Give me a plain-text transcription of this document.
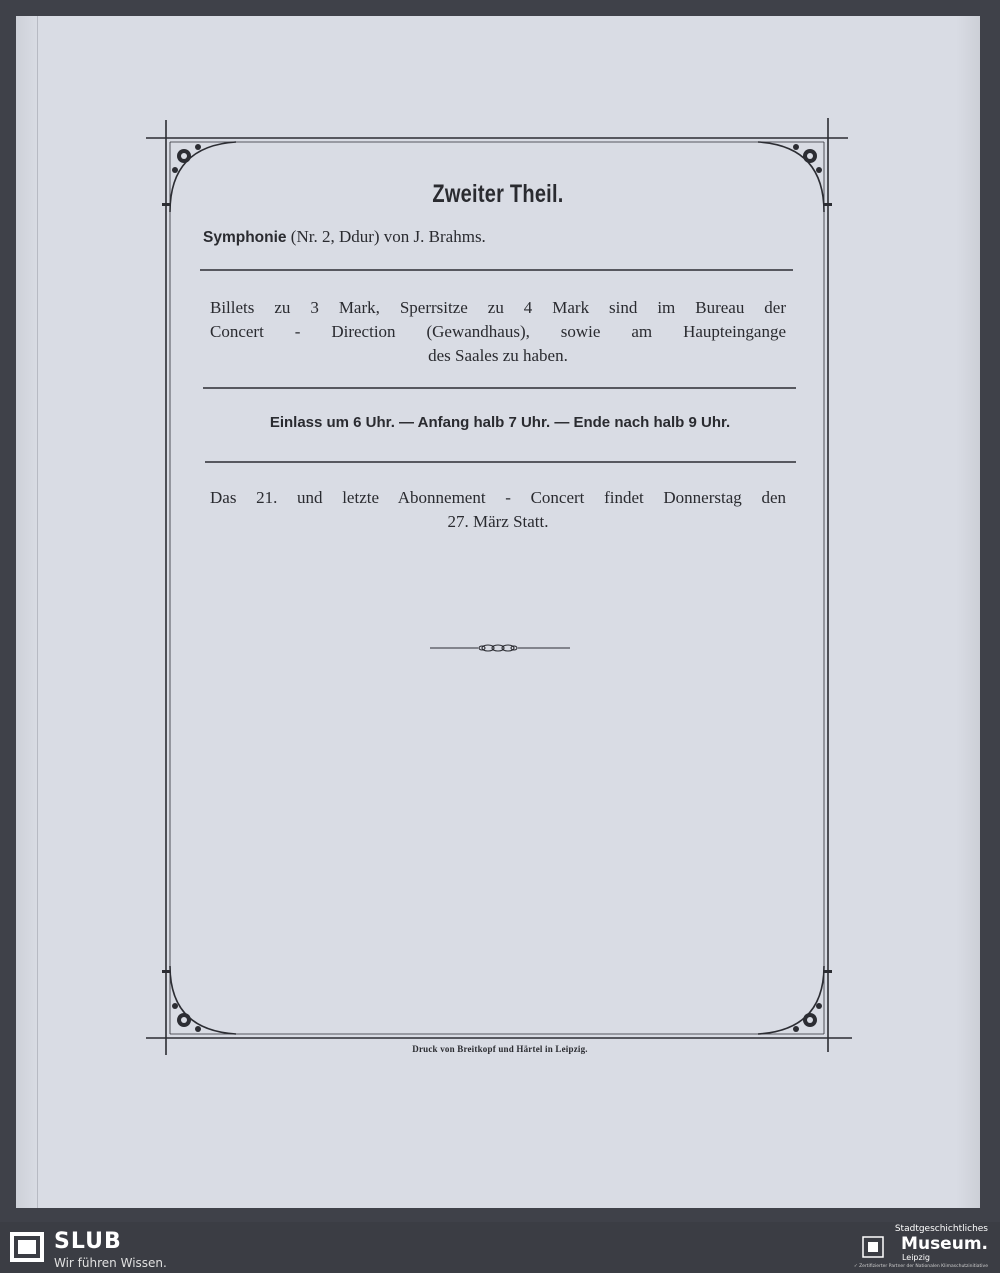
Zweiter Theil.
Symphonie (Nr. 2, Ddur) von J. Brahms.
Billets zu 3 Mark, Sperrsitze zu 4 Mark sind im Bureau der
Concert - Direction (Gewandhaus), sowie am Haupteingange
des Saales zu haben.
Einlass um 6 Uhr. — Anfang halb 7 Uhr. — Ende nach halb 9 Uhr.
Das 21. und letzte Abonnement - Concert findet Donnerstag den
27. März Statt.
Druck von Breitkopf und Härtel in Leipzig.
SLUB
Wir führen Wissen.
Stadtgeschichtliches
Museum.
Leipzig
✓ Zertifizierter Partner der Nationalen Klimaschutzinitiative
